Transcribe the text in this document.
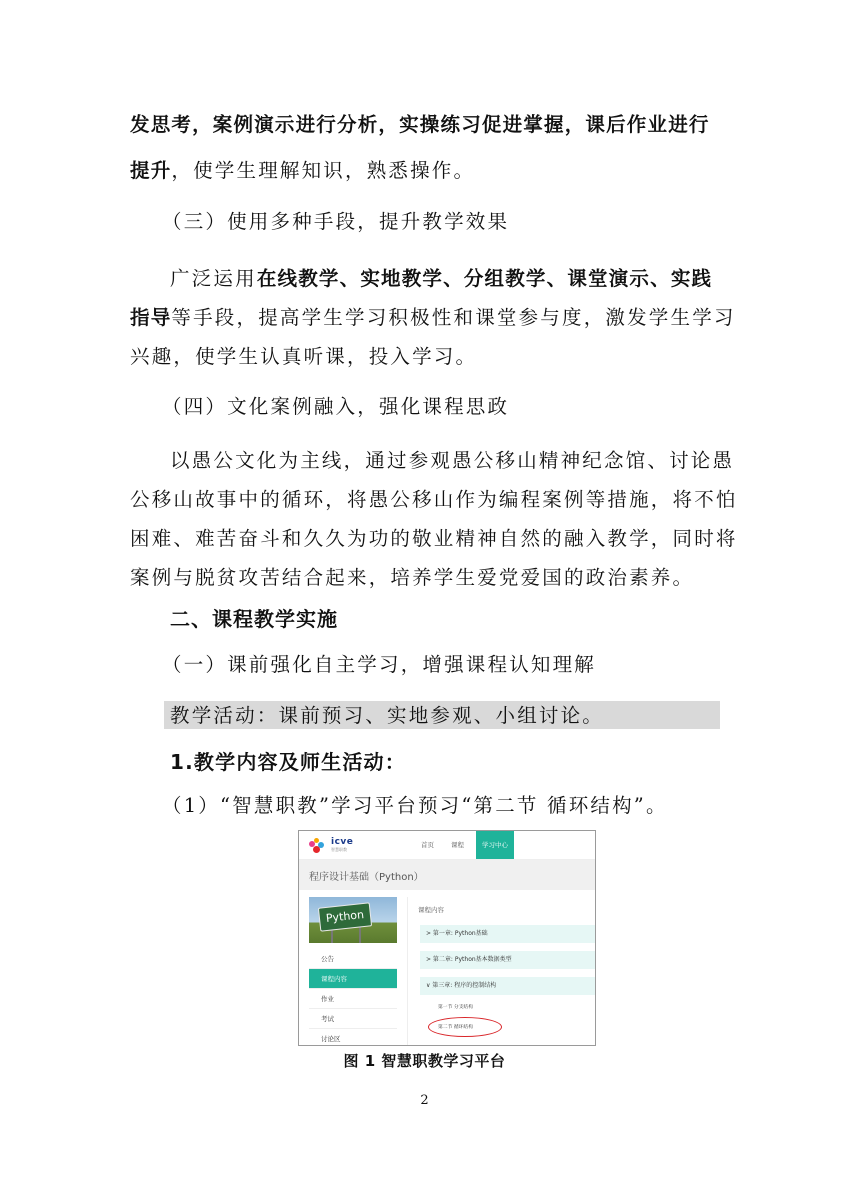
发思考，案例演示进行分析，实操练习促进掌握，课后作业进行
提升，使学生理解知识，熟悉操作。
（三）使用多种手段，提升教学效果
广泛运用在线教学、实地教学、分组教学、课堂演示、实践
指导等手段，提高学生学习积极性和课堂参与度，激发学生学习
兴趣，使学生认真听课，投入学习。
（四）文化案例融入，强化课程思政
以愚公文化为主线，通过参观愚公移山精神纪念馆、讨论愚
公移山故事中的循环，将愚公移山作为编程案例等措施，将不怕
困难、难苦奋斗和久久为功的敬业精神自然的融入教学，同时将
案例与脱贫攻苦结合起来，培养学生爱党爱国的政治素养。
二、课程教学实施
（一）课前强化自主学习，增强课程认知理解
教学活动：课前预习、实地参观、小组讨论。
1.教学内容及师生活动：
（1）“智慧职教”学习平台预习“第二节 循环结构”。
icve
智慧职教
首页	课程	学习中心
程序设计基础（Python）
Python
公告
课程内容
作业
考试
讨论区
课程内容
> 第一章: Python基础
> 第二章: Python基本数据类型
∨ 第三章: 程序的控制结构
第一节 分支结构
第二节 循环结构
图 1 智慧职教学习平台
2
